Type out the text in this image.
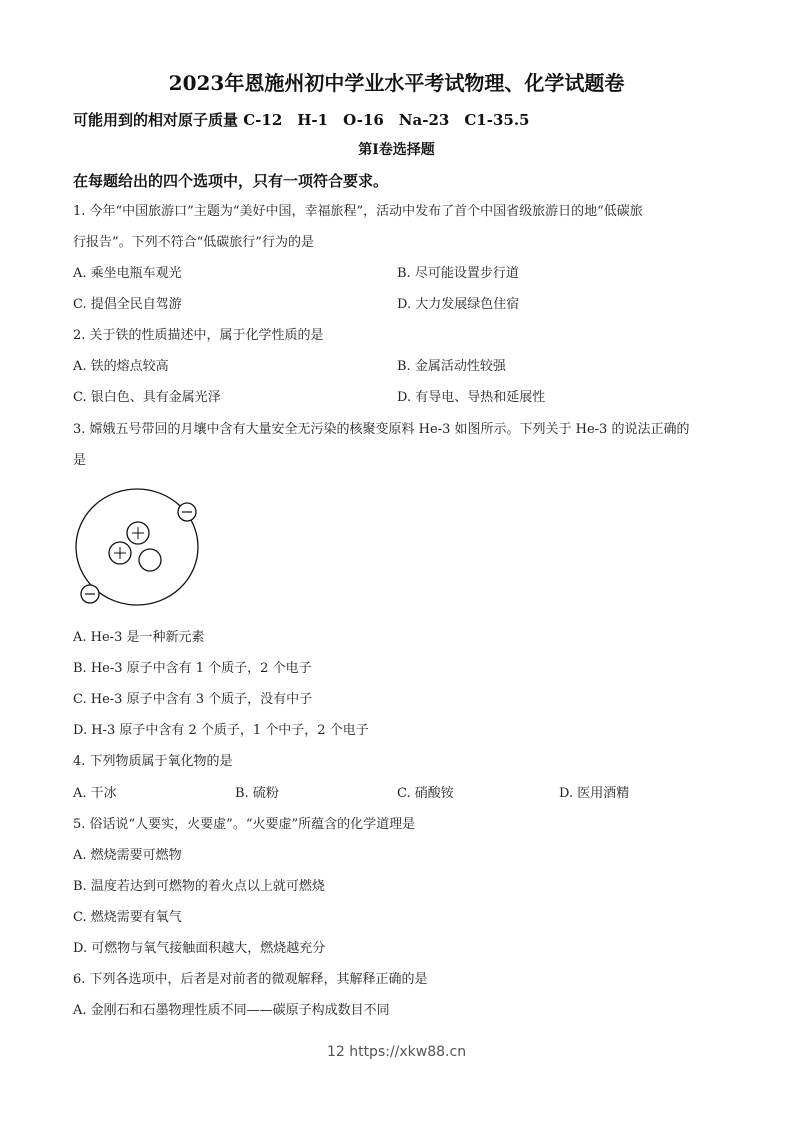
2023年恩施州初中学业水平考试物理、化学试题卷
可能用到的相对原子质量 C-12　H-1　O-16　Na-23　C1-35.5
第I卷选择题
在每题给出的四个选项中，只有一项符合要求。
1. 今年“中国旅游口”主题为“美好中国，幸福旅程”，活动中发布了首个中国省级旅游日的地“低碳旅
行报告”。下列不符合“低碳旅行”行为的是
A. 乘坐电瓶车观光	B. 尽可能设置步行道
C. 提倡全民自驾游	D. 大力发展绿色住宿
2. 关于铁的性质描述中，属于化学性质的是
A. 铁的熔点较高	B. 金属活动性较强
C. 银白色、具有金属光泽	D. 有导电、导热和延展性
3. 嫦娥五号带回的月壤中含有大量安全无污染的核聚变原料 He-3 如图所示。下列关于 He-3 的说法正确的
是
A. He-3 是一种新元素
B. He-3 原子中含有 1 个质子，2 个电子
C. He-3 原子中含有 3 个质子，没有中子
D. H-3 原子中含有 2 个质子，1 个中子，2 个电子
4. 下列物质属于氧化物的是
A. 干冰	B. 硫粉	C. 硝酸铵	D. 医用酒精
5. 俗话说“人要实，火要虚”。“火要虚”所蕴含的化学道理是
A. 燃烧需要可燃物
B. 温度若达到可燃物的着火点以上就可燃烧
C. 燃烧需要有氧气
D. 可燃物与氧气接触面积越大，燃烧越充分
6. 下列各选项中，后者是对前者的微观解释，其解释正确的是
A. 金刚石和石墨物理性质不同——碳原子构成数目不同
12 https://xkw88.cn
